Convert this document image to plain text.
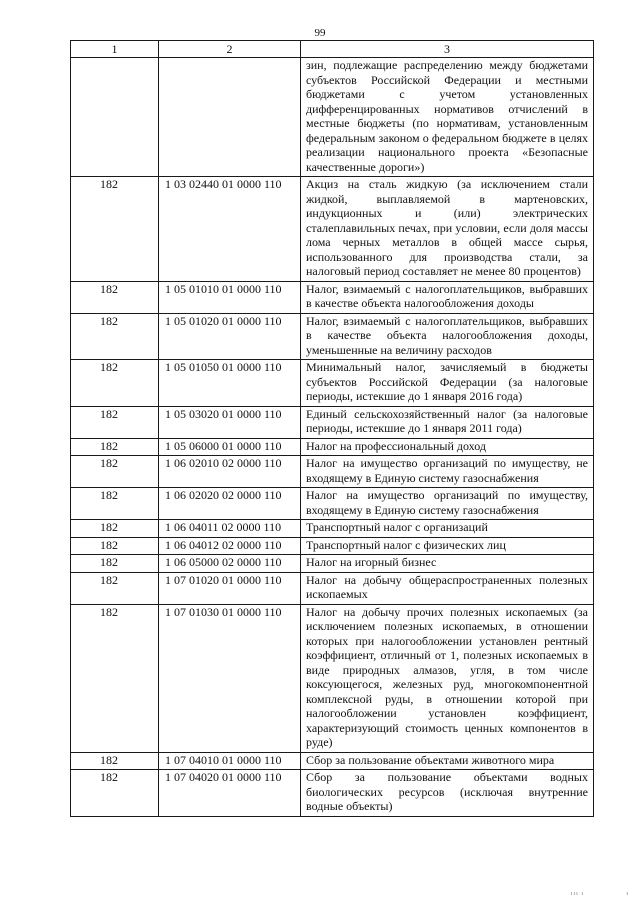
99
1	2	3
		зин, подлежащие распределению между бюджетами субъектов Российской Федерации и местными бюджетами с учетом установленных дифференцированных нормативов отчислений в местные бюджеты (по нормативам, установленным федеральным законом о федеральном бюджете в целях реализации национального проекта «Безопасные качественные дороги»)
182	1 03 02440 01 0000 110	Акциз на сталь жидкую (за исключением стали жидкой, выплавляемой в мартеновских, индукционных и (или) электрических сталеплавильных печах, при условии, если доля массы лома черных металлов в общей массе сырья, использованного для производства стали, за налоговый период составляет не менее 80 процентов)
182	1 05 01010 01 0000 110	Налог, взимаемый с налогоплательщиков, выбравших в качестве объекта налогообложения доходы
182	1 05 01020 01 0000 110	Налог, взимаемый с налогоплательщиков, выбравших в качестве объекта налогообложения доходы, уменьшенные на величину расходов
182	1 05 01050 01 0000 110	Минимальный налог, зачисляемый в бюджеты субъектов Российской Федерации (за налоговые периоды, истекшие до 1 января 2016 года)
182	1 05 03020 01 0000 110	Единый сельскохозяйственный налог (за налоговые периоды, истекшие до 1 января 2011 года)
182	1 05 06000 01 0000 110	Налог на профессиональный доход
182	1 06 02010 02 0000 110	Налог на имущество организаций по имуществу, не входящему в Единую систему газоснабжения
182	1 06 02020 02 0000 110	Налог на имущество организаций по имуществу, входящему в Единую систему газоснабжения
182	1 06 04011 02 0000 110	Транспортный налог с организаций
182	1 06 04012 02 0000 110	Транспортный налог с физических лиц
182	1 06 05000 02 0000 110	Налог на игорный бизнес
182	1 07 01020 01 0000 110	Налог на добычу общераспространенных полезных ископаемых
182	1 07 01030 01 0000 110	Налог на добычу прочих полезных ископаемых (за исключением полезных ископаемых, в отношении которых при налогообложении установлен рентный коэффициент, отличный от 1, полезных ископаемых в виде природных алмазов, угля, в том числе коксующегося, железных руд, многокомпонентной комплексной руды, в отношении которой при налогообложении установлен коэффициент, характеризующий стоимость ценных компонентов в руде)
182	1 07 04010 01 0000 110	Сбор за пользование объектами животного мира
182	1 07 04020 01 0000 110	Сбор за пользование объектами водных биологических ресурсов (исключая внутренние водные объекты)
ııı ı	ı
